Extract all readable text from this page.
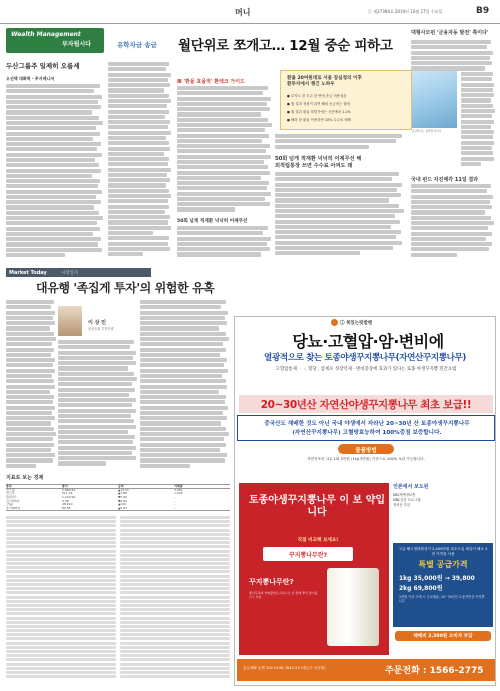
머니	ⓒ 제27394호 2010년 10월 27일 수요일	B9
Wealth Management
부자됩시다	유학자금 송금 월단위로 쪼개고… 12월 중순 피하고
두산그룹주 일제히 오름세
오선택 대화학 · 투자매니저
Ⅲ '환율 효율적' 환테크 가이드
50회 넘게 적재환 넉넉히 어제무선
환율 20여원대로 서울 잠실청의 이후
환투자에서 챙긴 노하우
● 부자도 잘 모른 한 번에 송금 비용절감
● 월 결과 정평이 되면 해외 송금비는 월에
● 월 결과 환율 희망가에는 사전예치 1.2%
● 해외 한 환율 이용하면 10% 수수료 혜택
송금한다는 유학생 어머니
50회 넘게 적재환 넉넉히 어제무선 해외적립통장 쓰면 수수료 아껴도 돼
대형사모펀 '금융자동 발전' 쪽이다'
국내 펀드 자진매각 11일 결과
Market Today	시장일지
대유행 '족집게 투자'의 위험한 유혹
이 상 민
삼성증권 투자전략
지표로 보는 경제
종목	종가	등락	거래량
코스피	1,889.81	▲13.21	3,451
코스닥	511.34	▲1.88	1,230
원/달러	1,120.90	▼5.60	-
국고채3년	3.38	▼0.02	-
금(g)	48,910	▲210	-
유가(WTI)	82.55	▲0.87	-
ⓘ 복있는텃밭텐
당뇨·고혈압·암·변비에
열광적으로 찾는 토종야생꾸지뽕나무(자연산꾸지뽕나무)
고혈압통제 ㆍ ·, 혈당 , 암세포 성장억제 · 변비증상에 효과가 있다는 토종 야생꾸지뽕 민간요법
20~30년산 자연산야생꾸지뽕나무 최초 보급!!
중국산도 재배한 것도 아닌 국내 야생에서 자라난 20~30년 산 토종야생꾸지뽕나무
(자연산꾸지뽕나무) 고혈방효능하여 100%중점 보증합니다.
물품방법
자연건조한 나무 1회 5만원 (1kg 3만원) 기준으로 100% 보관 가능합니다.
토종야생꾸지뽕나무 이 보 약입니다
직접 비교해 보세요!
꾸지뽕나무란?
꾸지뽕나무란?
뽕나무과의 낙엽활엽소교목으로 잎 열매 뿌리 줄기를 모두 약용
언론에서 보도된
KBS생생정보통
MBC건강 프로그램
정선산 추천
고급 해고정화합성가 2,400만원 최초도입 세일이 해소 3번 가격을 사용
특별 공급가격
1kg 35,000원 → 39,800
2kg 69,800원
1만원 이상 구매 시 무료배송, 20~30년산 토종자연산 꾸지뽕나무
택배비 2,500원 소비자 부담
입금계좌 농협 352-0196-7842-53 (예금주 신운환)	주문전화 : 1566-2775
